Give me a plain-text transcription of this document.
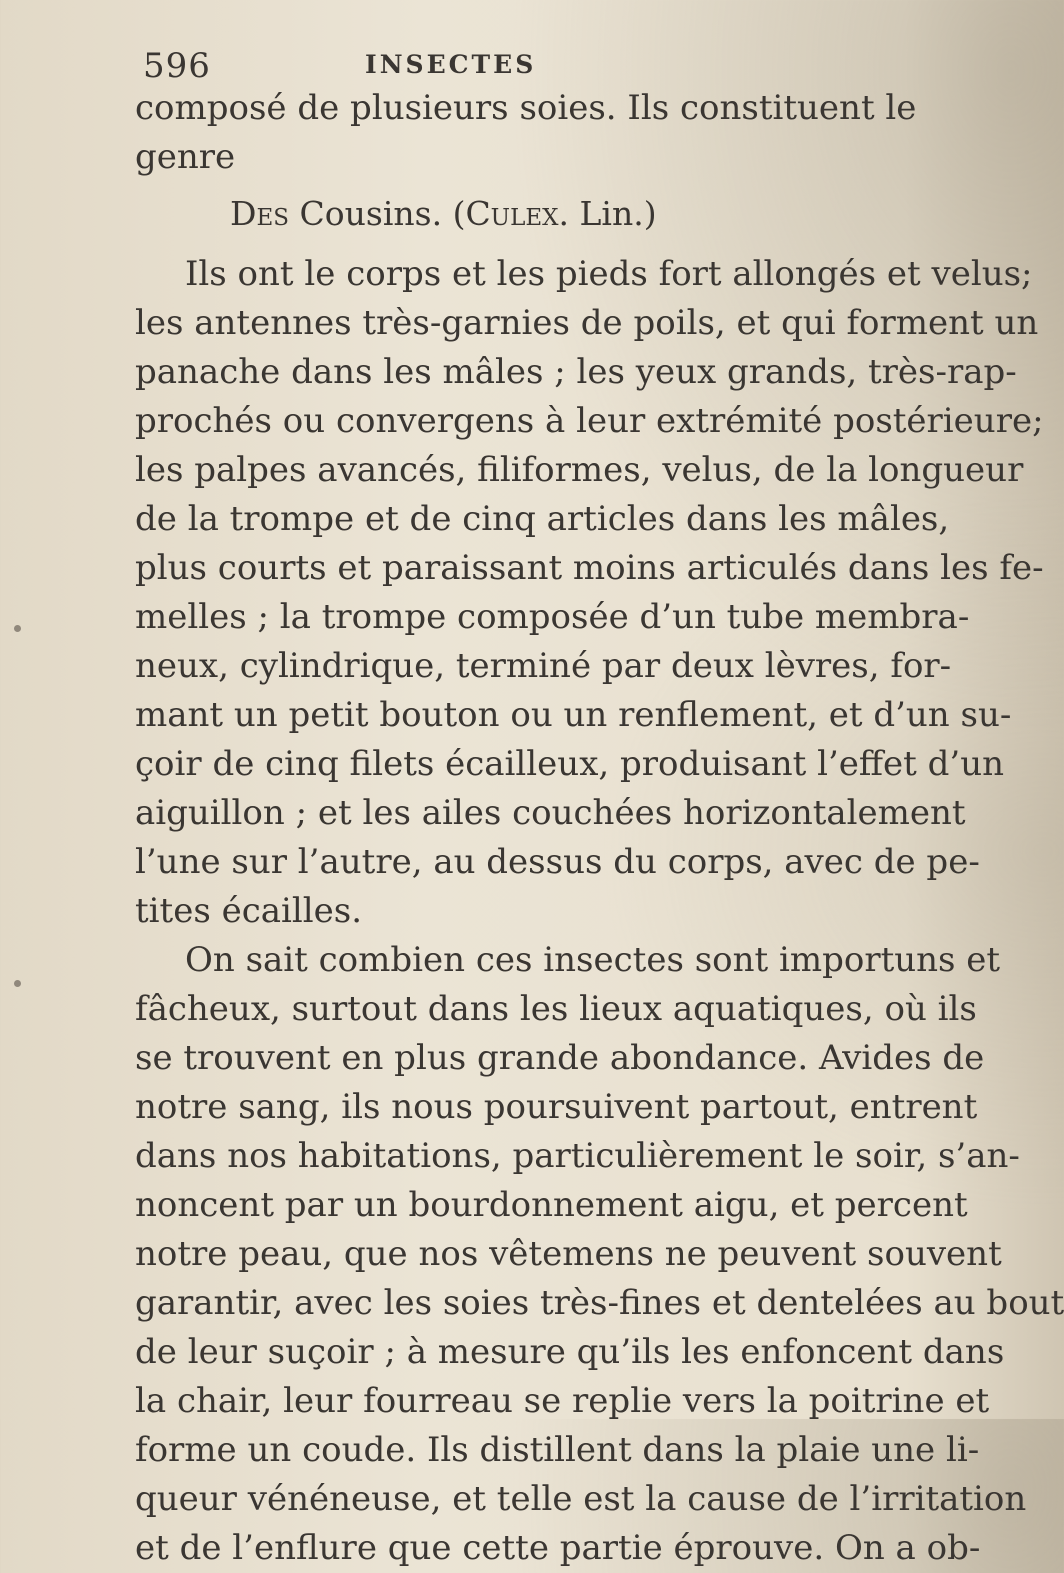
596	INSECTES
composé de plusieurs soies. Ils constituent le
genre
Des Cousins. (Culex. Lin.)
Ils ont le corps et les pieds fort allongés et velus;
les antennes très-garnies de poils, et qui forment un
panache dans les mâles ; les yeux grands, très-rap-
prochés ou convergens à leur extrémité postérieure;
les palpes avancés, filiformes, velus, de la longueur
de la trompe et de cinq articles dans les mâles,
plus courts et paraissant moins articulés dans les fe-
melles ; la trompe composée d’un tube membra-
neux, cylindrique, terminé par deux lèvres, for-
mant un petit bouton ou un renflement, et d’un su-
çoir de cinq filets écailleux, produisant l’effet d’un
aiguillon ; et les ailes couchées horizontalement
l’une sur l’autre, au dessus du corps, avec de pe-
tites écailles.
On sait combien ces insectes sont importuns et
fâcheux, surtout dans les lieux aquatiques, où ils
se trouvent en plus grande abondance. Avides de
notre sang, ils nous poursuivent partout, entrent
dans nos habitations, particulièrement le soir, s’an-
noncent par un bourdonnement aigu, et percent
notre peau, que nos vêtemens ne peuvent souvent
garantir, avec les soies très-fines et dentelées au bout
de leur suçoir ; à mesure qu’ils les enfoncent dans
la chair, leur fourreau se replie vers la poitrine et
forme un coude. Ils distillent dans la plaie une li-
queur vénéneuse, et telle est la cause de l’irritation
et de l’enflure que cette partie éprouve. On a ob-
